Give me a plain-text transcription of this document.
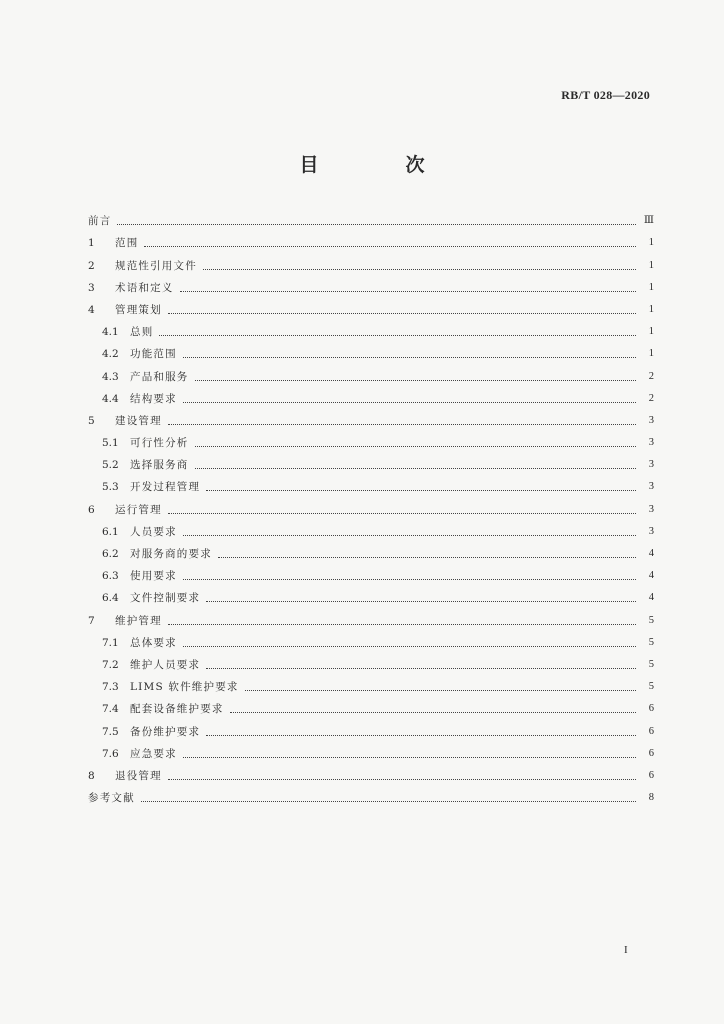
RB/T 028—2020
目　次
前言	Ⅲ
1	范围	1
2	规范性引用文件	1
3	术语和定义	1
4	管理策划	1
4.1	总则	1
4.2	功能范围	1
4.3	产品和服务	2
4.4	结构要求	2
5	建设管理	3
5.1	可行性分析	3
5.2	选择服务商	3
5.3	开发过程管理	3
6	运行管理	3
6.1	人员要求	3
6.2	对服务商的要求	4
6.3	使用要求	4
6.4	文件控制要求	4
7	维护管理	5
7.1	总体要求	5
7.2	维护人员要求	5
7.3	LIMS 软件维护要求	5
7.4	配套设备维护要求	6
7.5	备份维护要求	6
7.6	应急要求	6
8	退役管理	6
参考文献	8
I
